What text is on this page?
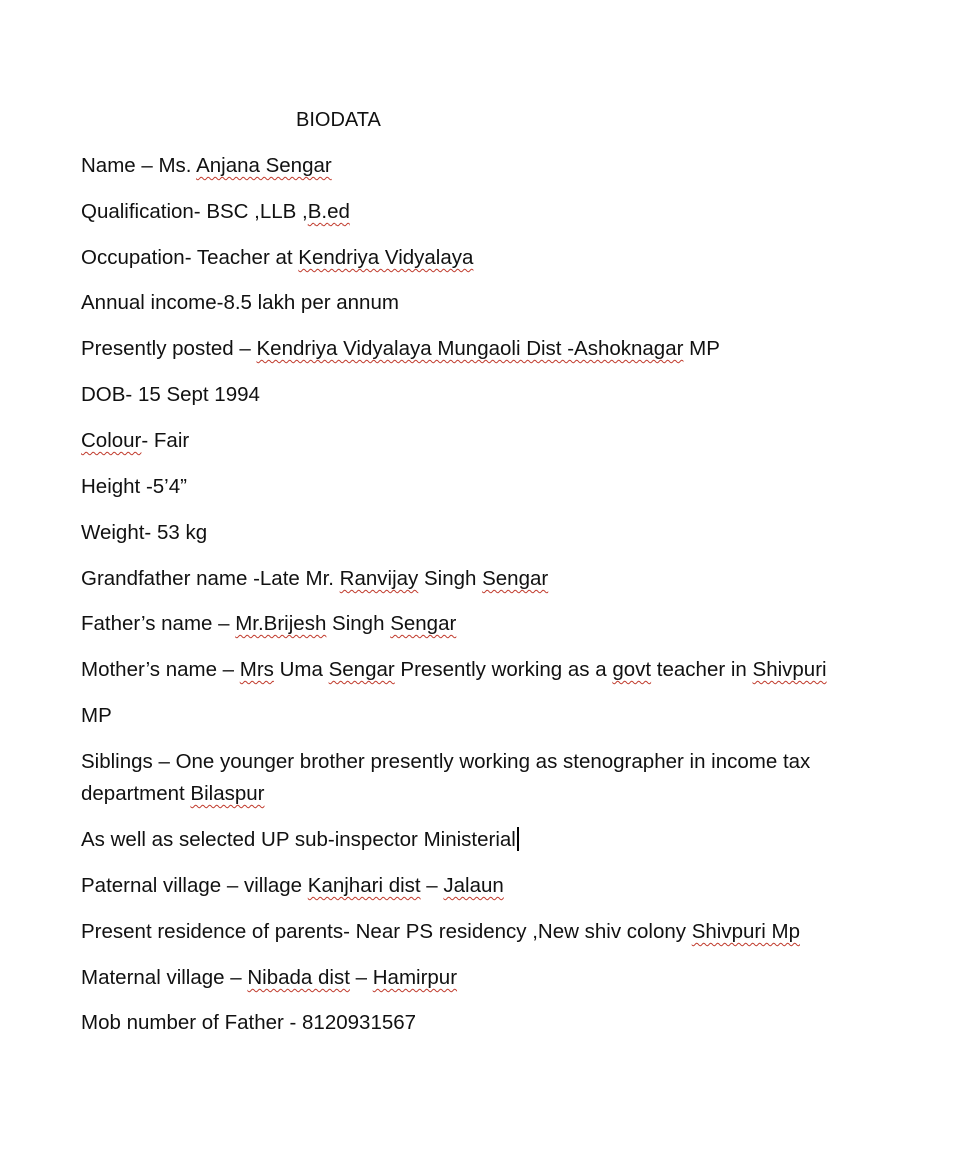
BIODATA
Name – Ms. Anjana Sengar
Qualification- BSC ,LLB ,B.ed
Occupation- Teacher at Kendriya Vidyalaya
Annual income-8.5 lakh per annum
Presently posted – Kendriya Vidyalaya Mungaoli Dist -Ashoknagar MP
DOB- 15 Sept 1994
Colour- Fair
Height -5’4”
Weight- 53 kg
Grandfather name -Late Mr. Ranvijay Singh Sengar
Father’s name – Mr.Brijesh Singh Sengar
Mother’s name – Mrs Uma Sengar Presently working as a govt teacher in Shivpuri
MP
Siblings – One younger brother presently working as stenographer in income tax
department Bilaspur
As well as selected UP sub-inspector Ministerial
Paternal village – village Kanjhari dist – Jalaun
Present residence of parents- Near PS residency ,New shiv colony Shivpuri Mp
Maternal village – Nibada dist – Hamirpur
Mob number of Father - 8120931567
